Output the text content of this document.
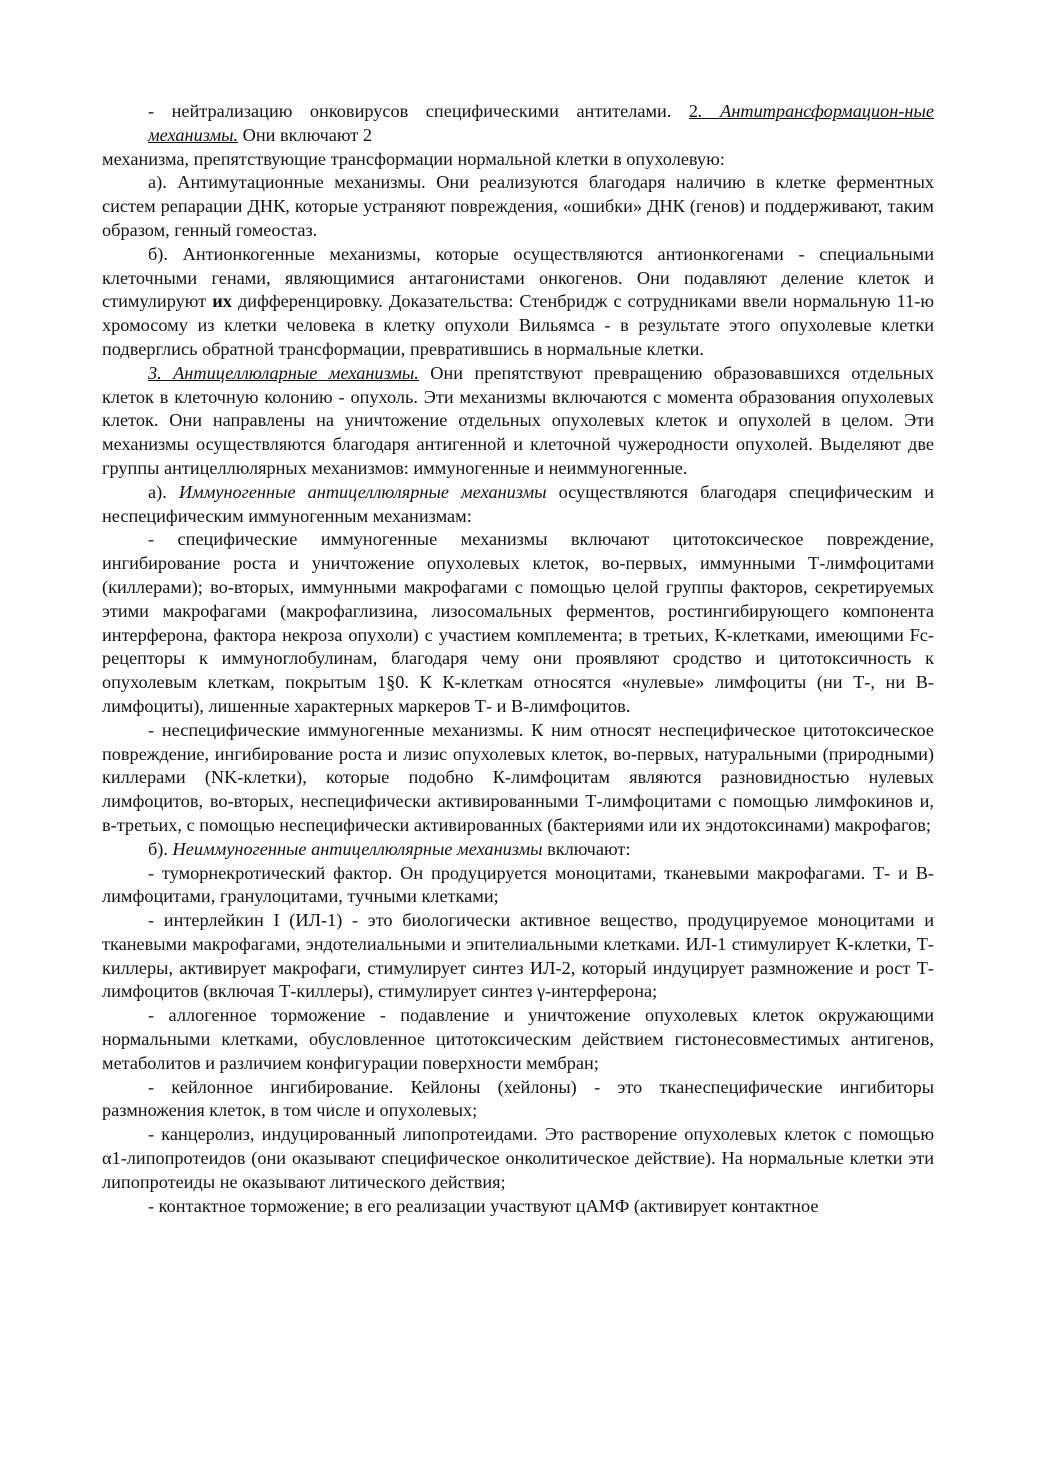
- нейтрализацию онковирусов специфическими антителами. 2. Антитрансформацион-ные механизмы. Они включают 2

механизма, препятствующие трансформации нормальной клетки в опухолевую:

а). Антимутационные механизмы. Они реализуются благодаря наличию в клетке ферментных систем репарации ДНК, которые устраняют повреждения, «ошибки» ДНК (генов) и поддерживают, таким образом, генный гомеостаз.

б). Антионкогенные механизмы, которые осуществляются антионкогенами - специальными клеточными генами, являющимися антагонистами онкогенов. Они подавляют деление клеток и стимулируют их дифференцировку. Доказательства: Стенбридж с сотрудниками ввели нормальную 11-ю хромосому из клетки человека в клетку опухоли Вильямса - в результате этого опухолевые клетки подверглись обратной трансформации, превратившись в нормальные клетки.

3. Антицеллюларные механизмы. Они препятствуют превращению образовавшихся отдельных клеток в клеточную колонию - опухоль. Эти механизмы включаются с момента образования опухолевых клеток. Они направлены на уничтожение отдельных опухолевых клеток и опухолей в целом. Эти механизмы осуществляются благодаря антигенной и клеточной чужеродности опухолей. Выделяют две группы антицеллюлярных механизмов: иммуногенные и неиммуногенные.

а). Иммуногенные антицеллюлярные механизмы осуществляются благодаря специфическим и неспецифическим иммуногенным механизмам:

- специфические иммуногенные механизмы включают цитотоксическое повреждение, ингибирование роста и уничтожение опухолевых клеток, во-первых, иммунными Т-лимфоцитами (киллерами); во-вторых, иммунными макрофагами с помощью целой группы факторов, секретируемых этими макрофагами (макрофаглизина, лизосомальных ферментов, ростингибирующего компонента интерферона, фактора некроза опухоли) с участием комплемента; в третьих, К-клетками, имеющими Fc-рецепторы к иммуноглобулинам, благодаря чему они проявляют сродство и цитотоксичность к опухолевым клеткам, покрытым 1§0. К К-клеткам относятся «нулевые» лимфоциты (ни Т-, ни В-лимфоциты), лишенные характерных маркеров Т- и В-лимфоцитов.

- неспецифические иммуногенные механизмы. К ним относят неспецифическое цитотоксическое повреждение, ингибирование роста и лизис опухолевых клеток, во-первых, натуральными (природными) киллерами (NK-клетки), которые подобно К-лимфоцитам являются разновидностью нулевых лимфоцитов, во-вторых, неспецифически активированными Т-лимфоцитами с помощью лимфокинов и, в-третьих, с помощью неспецифически активированных (бактериями или их эндотоксинами) макрофагов;

б). Неиммуногенные антицеллюлярные механизмы включают:

- туморнекротический фактор. Он продуцируется моноцитами, тканевыми макрофагами. Т- и В-лимфоцитами, гранулоцитами, тучными клетками;

- интерлейкин I (ИЛ-1) - это биологически активное вещество, продуцируемое моноцитами и тканевыми макрофагами, эндотелиальными и эпителиальными клетками. ИЛ-1 стимулирует К-клетки, Т-киллеры, активирует макрофаги, стимулирует синтез ИЛ-2, который индуцирует размножение и рост Т-лимфоцитов (включая Т-киллеры), стимулирует синтез γ-интерферона;

- аллогенное торможение - подавление и уничтожение опухолевых клеток окружающими нормальными клетками, обусловленное цитотоксическим действием гистонесовместимых антигенов, метаболитов и различием конфигурации поверхности мембран;

- кейлонное ингибирование. Кейлоны (хейлоны) - это тканеспецифические ингибиторы размножения клеток, в том числе и опухолевых;

- канцеролиз, индуцированный липопротеидами. Это растворение опухолевых клеток с помощью α1-липопротеидов (они оказывают специфическое онколитическое действие). На нормальные клетки эти липопротеиды не оказывают литического действия;

- контактное торможение; в его реализации участвуют цАМФ (активирует контактное
